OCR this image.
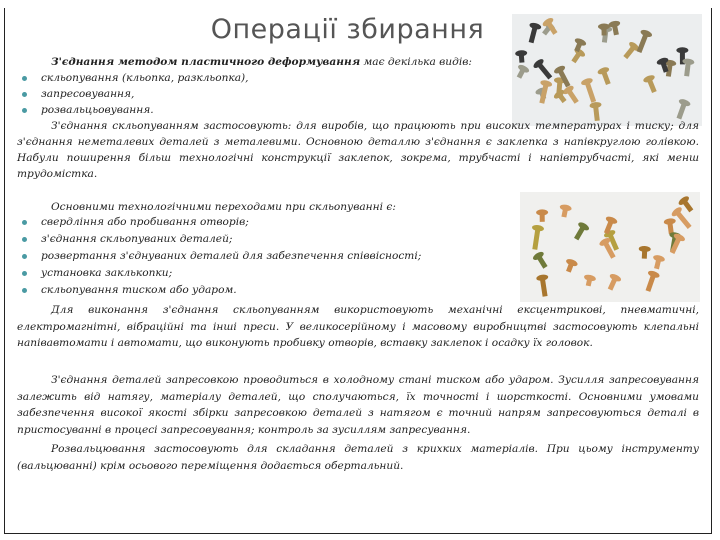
Операції збирання
З'єднання методом пластичного деформування має декілька видів:
скльопування (кльопка, разкльопка),
запресовування,
розвальцьовування.
З'єднання скльопуванням застосовують: для виробів, що працюють при високих температурах і тиску; для з'єднання неметалевих деталей з металевими. Основною деталлю з'єднання є заклепка з напівкруглою голівкою. Набули поширення більш технологічні конструкції заклепок, зокрема, трубчасті і напівтрубчасті, які менш трудомістка.
Основними технологічними переходами при скльопуванні є:
свердління або пробивання отворів;
з'єднання скльопуваних деталей;
розвертання з'єднуваних деталей для забезпечення співвісності;
установка заклькопки;
скльопування тиском або ударом.
Для виконання з'єднання скльопуванням використовують механічні ексцентрикові, пневматичні, електромагнітні, вібраційні та інші преси. У великосерійному і масовому виробництві застосовують клепальні напівавтомати і автомати, що виконують пробивку отворів, вставку заклепок і осадку їх головок.
З'єднання деталей запресовкою проводиться в холодному стані тиском або ударом. Зусилля запресовування залежить від натягу, матеріалу деталей, що сполучаються, їх точності і шорсткості. Основними умовами забезпечення високої якості збірки запресовкою деталей з натягом є точний напрям запресовуються деталі в пристосуванні в процесі запресовування; контроль за зусиллям запресування.
Розвальцювання застосовують для складання деталей з крихких матеріалів. При цьому інструменту (вальцюванні) крім осьового переміщення додається обертальний.
